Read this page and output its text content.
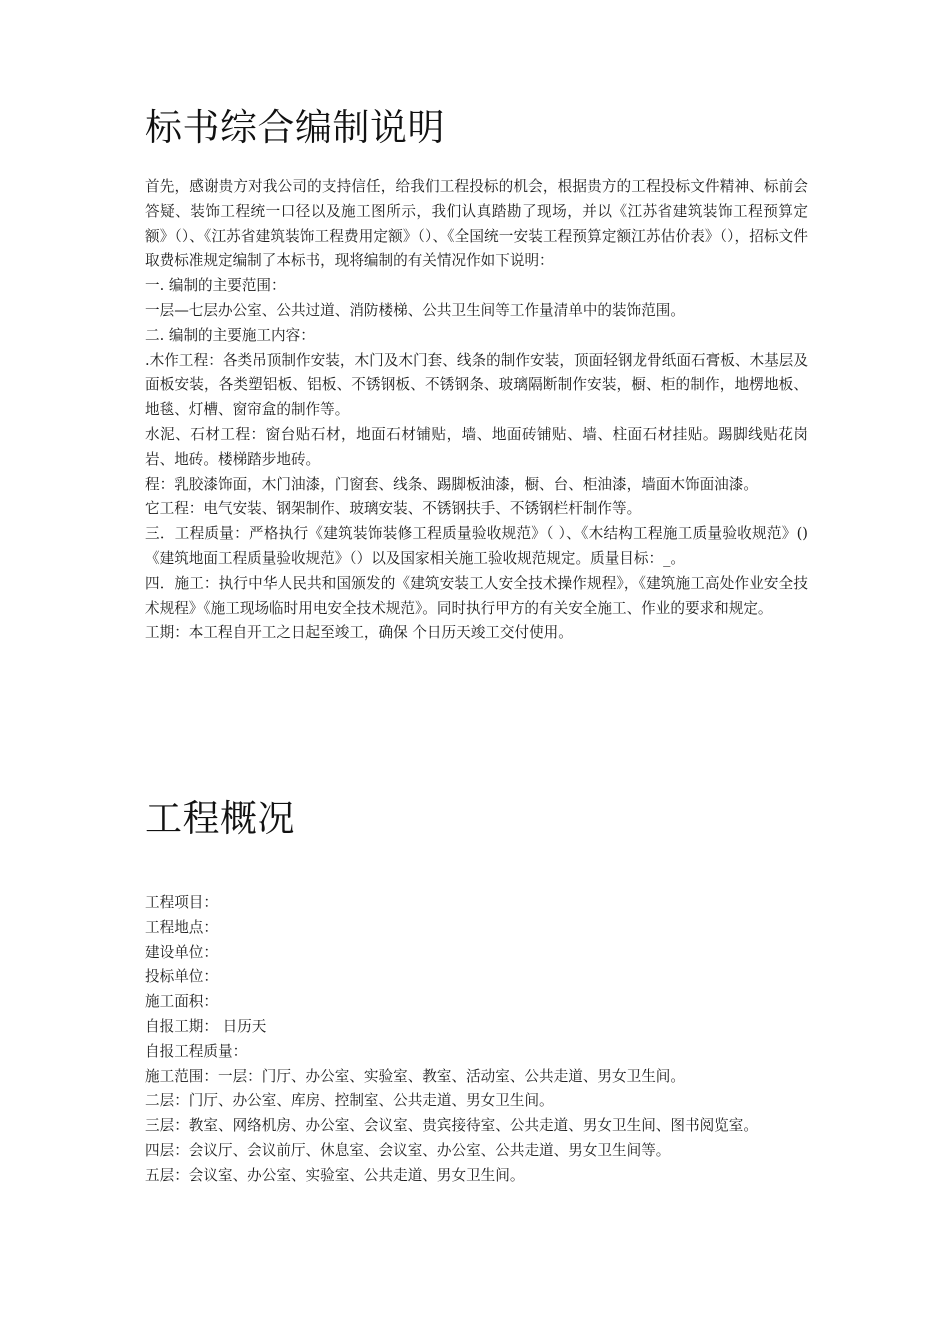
标书综合编制说明

首先，感谢贵方对我公司的支持信任，给我们工程投标的机会，根据贵方的工程投标文件精神、标前会答疑、装饰工程统一口径以及施工图所示，我们认真踏勘了现场，并以《江苏省建筑装饰工程预算定额》（）、《江苏省建筑装饰工程费用定额》（）、《全国统一安装工程预算定额江苏估价表》（），招标文件取费标准规定编制了本标书，现将编制的有关情况作如下说明：

一. 编制的主要范围：

一层—七层办公室、公共过道、消防楼梯、公共卫生间等工作量清单中的装饰范围。

二. 编制的主要施工内容：

.木作工程：各类吊顶制作安装，木门及木门套、线条的制作安装，顶面轻钢龙骨纸面石膏板、木基层及面板安装，各类塑铝板、铝板、不锈钢板、不锈钢条、玻璃隔断制作安装，橱、柜的制作，地楞地板、地毯、灯槽、窗帘盒的制作等。

水泥、石材工程：窗台贴石材，地面石材铺贴，墙、地面砖铺贴、墙、柱面石材挂贴。踢脚线贴花岗岩、地砖。楼梯踏步地砖。

程：乳胶漆饰面，木门油漆，门窗套、线条、踢脚板油漆，橱、台、柜油漆，墙面木饰面油漆。

它工程：电气安装、钢架制作、玻璃安装、不锈钢扶手、不锈钢栏杆制作等。

三．工程质量：严格执行《建筑装饰装修工程质量验收规范》（ ）、《木结构工程施工质量验收规范》()《建筑地面工程质量验收规范》（）以及国家相关施工验收规范规定。质量目标：_。

四．施工：执行中华人民共和国颁发的《建筑安装工人安全技术操作规程》，《建筑施工高处作业安全技术规程》《施工现场临时用电安全技术规范》。同时执行甲方的有关安全施工、作业的要求和规定。

工期：本工程自开工之日起至竣工，确保 个日历天竣工交付使用。

工程概况

工程项目：

工程地点：

建设单位：

投标单位：

施工面积：

自报工期： 日历天

自报工程质量：

施工范围：一层：门厅、办公室、实验室、教室、活动室、公共走道、男女卫生间。

二层：门厅、办公室、库房、控制室、公共走道、男女卫生间。

三层：教室、网络机房、办公室、会议室、贵宾接待室、公共走道、男女卫生间、图书阅览室。

四层：会议厅、会议前厅、休息室、会议室、办公室、公共走道、男女卫生间等。

五层：会议室、办公室、实验室、公共走道、男女卫生间。
